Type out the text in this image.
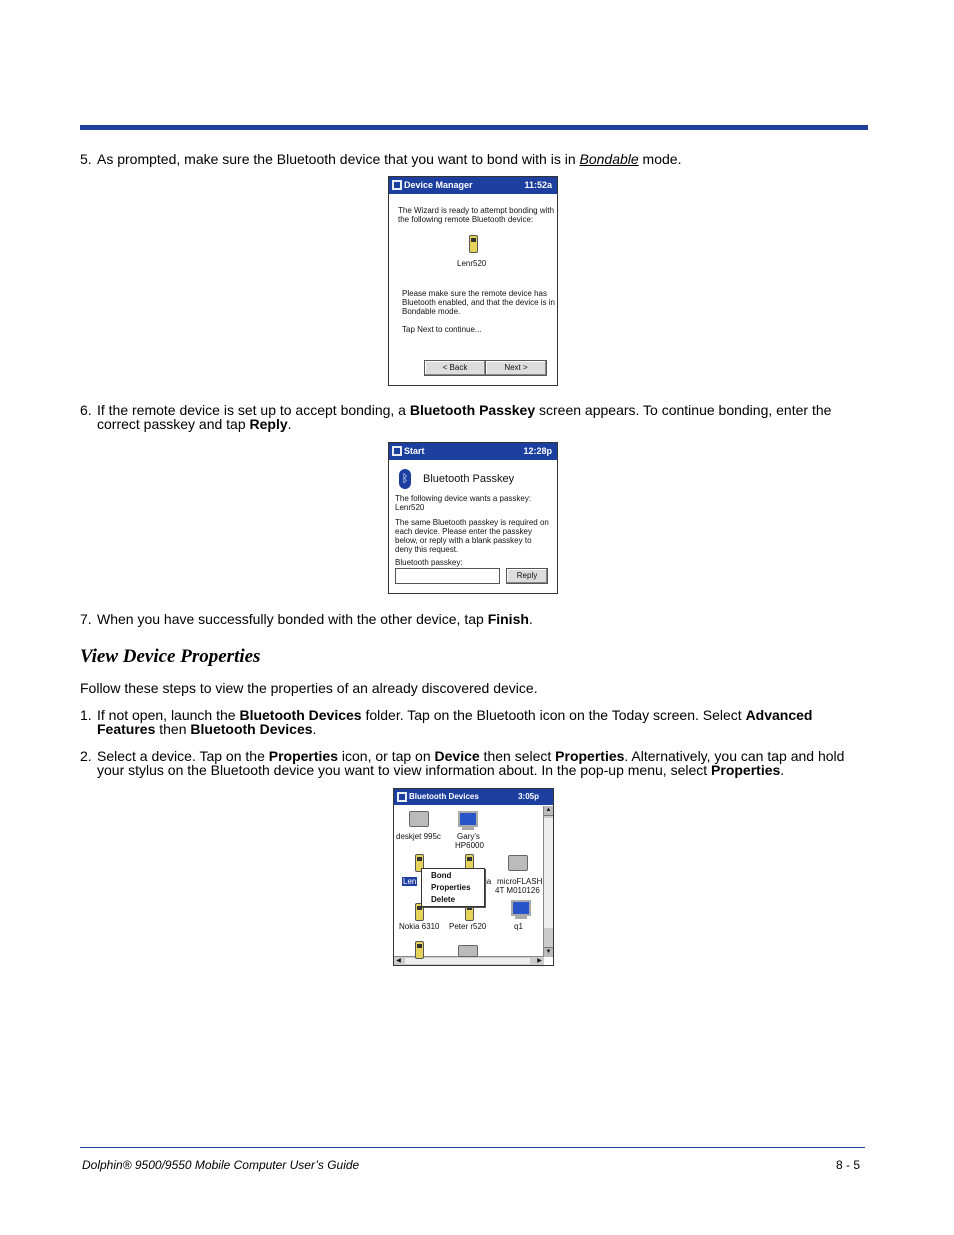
5. As prompted, make sure the Bluetooth device that you want to bond with is in Bondable mode.
Device Manager	11:52a
The Wizard is ready to attempt bonding with
the following remote Bluetooth device:
Lenr520
Please make sure the remote device has
Bluetooth enabled, and that the device is in
Bondable mode.
Tap Next to continue...
< Back	Next >
6. If the remote device is set up to accept bonding, a Bluetooth Passkey screen appears. To continue bonding, enter the
correct passkey and tap Reply.
Start	12:28p
ᛒ Bluetooth Passkey
The following device wants a passkey:
Lenr520
The same Bluetooth passkey is required on
each device. Please enter the passkey
below, or reply with a blank passkey to
deny this request.
Bluetooth passkey:
Reply
7. When you have successfully bonded with the other device, tap Finish.
View Device Properties
Follow these steps to view the properties of an already discovered device.
1. If not open, launch the Bluetooth Devices folder. Tap on the Bluetooth icon on the Today screen. Select Advanced
Features then Bluetooth Devices.
2. Select a device. Tap on the Properties icon, or tap on Device then select Properties. Alternatively, you can tap and hold
your stylus on the Bluetooth device you want to view information about. In the pop-up menu, select Properties.
Bluetooth Devices	3:05p
▲
▼
◀	▶
deskjet 995c Gary's
HP6000
Len	ia microFLASH
4T M010126
Nokia 6310 Peter r520	q1
Bond
Properties
Delete
Dolphin® 9500/9550 Mobile Computer User’s Guide	8 - 5
